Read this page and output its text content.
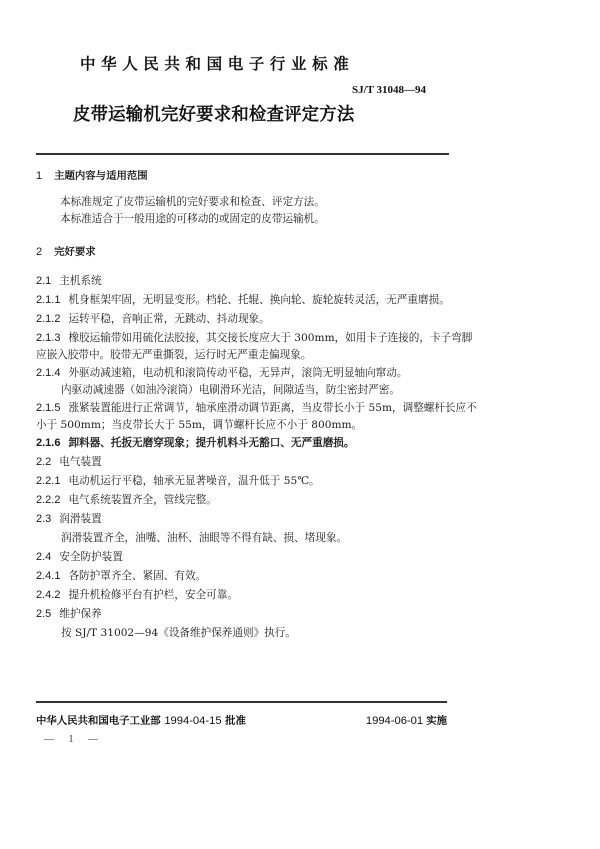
中华人民共和国电子行业标准
SJ/T 31048—94
皮带运输机完好要求和检查评定方法
1 主题内容与适用范围
本标准规定了皮带运输机的完好要求和检查、评定方法。
本标准适合于一般用途的可移动的或固定的皮带运输机。
2 完好要求
2.1 主机系统
2.1.1 机身框架牢固，无明显变形。档轮、托辊、换向轮、旋轮旋转灵活，无严重磨损。
2.1.2 运转平稳，音响正常，无跳动、抖动现象。
2.1.3 橡胶运输带如用硫化法胶接，其交接长度应大于 300mm，如用卡子连接的，卡子弯脚
应嵌入胶带中。胶带无严重撕裂，运行时无严重走偏现象。
2.1.4 外驱动减速箱，电动机和滚筒传动平稳，无异声，滚筒无明显轴向窜动。
内驱动减速器（如油冷滚筒）电刷滑环光洁，间隙适当，防尘密封严密。
2.1.5 涨紧装置能进行正常调节，轴承座滑动调节距离，当皮带长小于 55m，调整螺杆长应不
小于 500mm；当皮带长大于 55m，调节螺杆长应不小于 800mm。
2.1.6 卸料器、托扳无磨穿现象；提升机料斗无豁口、无严重磨损。
2.2 电气装置
2.2.1 电动机运行平稳，轴承无显著噪音，温升低于 55℃。
2.2.2 电气系统装置齐全，管线完整。
2.3 润滑装置
润滑装置齐全，油嘴、油杯、油眼等不得有缺、损、堵现象。
2.4 安全防护装置
2.4.1 各防护罩齐全、紧固、有效。
2.4.2 提升机检修平台有护栏，安全可靠。
2.5 维护保养
按 SJ/T 31002—94《设备维护保养通则》执行。
中华人民共和国电子工业部 1994-04-15 批准	1994-06-01 实施
— 1 —
